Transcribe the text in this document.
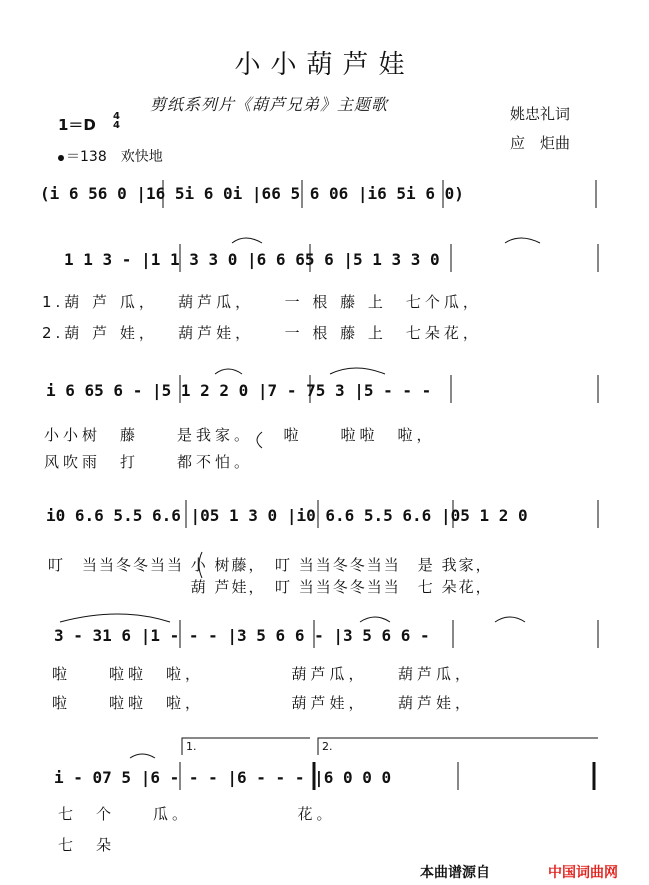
小小葫芦娃
剪纸系列片《葫芦兄弟》主题歌	姚忠礼词
应　炬曲
1＝D 4
4
＝138　欢快地
(i 6 56 0 |16 5i 6 0i |66 5 6 06 |i6 5i 6 0)
1 1 3 - |1 1 3 3 0 |6 6 65 6 |5 1 3 3 0
1.葫 芦 瓜，　 葫芦瓜，　　一 根 藤 上　七个瓜，
2.葫 芦 娃，　 葫芦娃，　　一 根 藤 上　七朵花，
i 6 65 6 - |5 1 2 2 0 |7 - 75 3 |5 - - -
小小树　藤　　是我家。　　啦　　啦啦　啦，
风吹雨　打　　都不怕。
i0 6.6 5.5 6.6 |05 1 3 0 |i0 6.6 5.5 6.6 |05 1 2 0
叮　当当冬冬当当 小 树藤，　叮 当当冬冬当当　是 我家，
　　　　　　　　 葫 芦娃，　叮 当当冬冬当当　七 朵花，
3 - 31 6 |1 - - - |3 5 6 6 - |3 5 6 6 -
啦　　啦啦　啦，　　　　　葫芦瓜，　　葫芦瓜，
啦　　啦啦　啦，　　　　　葫芦娃，　　葫芦娃，
i - 07 5 |6 - - - |6 - - - |6 0 0 0
七　个　　瓜。　　　　　　花。
七　朵
1.	2.
本曲谱源自	中国词曲网
